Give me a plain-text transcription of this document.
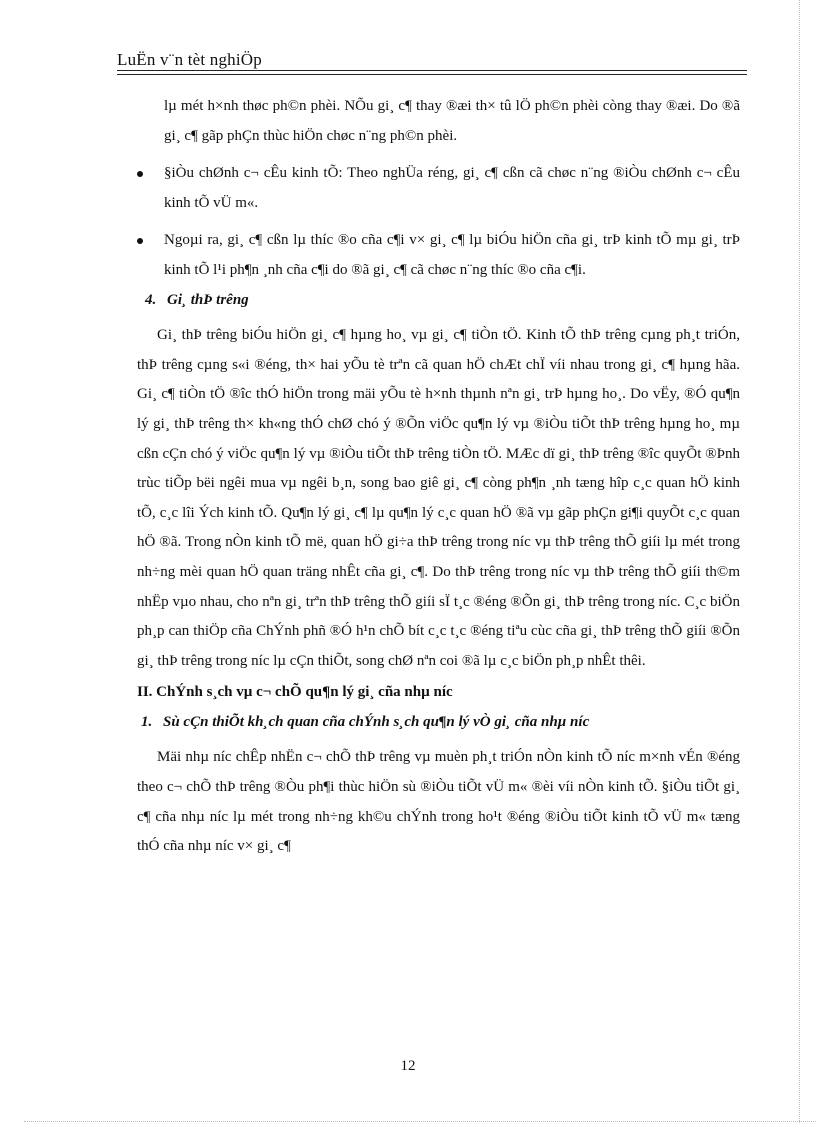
LuËn v¨n tèt nghiÖp

lµ mét h×nh thøc ph©n phèi. NÕu gi¸ c¶ thay ®æi th× tû lÖ ph©n phèi còng thay ®æi. Do ®ã gi¸ c¶ gãp phÇn thùc hiÖn chøc n¨ng ph©n phèi.

§iÒu chØnh c¬ cÊu kinh tÕ: Theo nghÜa réng, gi¸ c¶ cßn cã chøc n¨ng ®iÒu chØnh c¬ cÊu kinh tÕ vÜ m«.
Ngoµi ra, gi¸ c¶ cßn lµ thíc ®o cña c¶i v× gi¸ c¶ lµ biÓu hiÖn cña gi¸ trÞ kinh tÕ mµ gi¸ trÞ kinh tÕ l¹i ph¶n ¸nh cña c¶i do ®ã gi¸ c¶ cã chøc n¨ng thíc ®o cña c¶i.

4. Gi¸ thÞ trêng

Gi¸ thÞ trêng biÓu hiÖn gi¸ c¶ hµng ho¸ vµ gi¸ c¶ tiÒn tÖ. Kinh tÕ thÞ trêng cµng ph¸t triÓn, thÞ trêng cµng s«i ®éng, th× hai yÕu tè trªn cã quan hÖ chÆt chÏ víi nhau trong gi¸ c¶ hµng hãa. Gi¸ c¶ tiÒn tÖ ®îc thÓ hiÖn trong mäi yÕu tè h×nh thµnh nªn gi¸ trÞ hµng ho¸. Do vËy, ®Ó qu¶n lý gi¸ thÞ trêng th× kh«ng thÓ chØ chó ý ®Õn viÖc qu¶n lý vµ ®iÒu tiÕt thÞ trêng hµng ho¸ mµ cßn cÇn chó ý viÖc qu¶n lý vµ ®iÒu tiÕt thÞ trêng tiÒn tÖ. MÆc dï gi¸ thÞ trêng ®îc quyÕt ®Þnh trùc tiÕp bëi ngêi mua vµ ngêi b¸n, song bao giê gi¸ c¶ còng ph¶n ¸nh tæng hîp c¸c quan hÖ kinh tÕ, c¸c lîi Ých kinh tÕ. Qu¶n lý gi¸ c¶ lµ qu¶n lý c¸c quan hÖ ®ã vµ gãp phÇn gi¶i quyÕt c¸c quan hÖ ®ã. Trong nÒn kinh tÕ më, quan hÖ gi÷a thÞ trêng trong níc vµ thÞ trêng thÕ giíi lµ mét trong nh÷ng mèi quan hÖ quan träng nhÊt cña gi¸ c¶. Do thÞ trêng trong níc vµ thÞ trêng thÕ giíi th©m nhËp vµo nhau, cho nªn gi¸ trªn thÞ trêng thÕ giíi sÏ t¸c ®éng ®Õn gi¸ thÞ trêng trong níc. C¸c biÖn ph¸p can thiÖp cña ChÝnh phñ ®Ó h¹n chÕ bít c¸c t¸c ®éng tiªu cùc cña gi¸ thÞ trêng thÕ giíi ®Õn gi¸ thÞ trêng trong níc lµ cÇn thiÕt, song chØ nªn coi ®ã lµ c¸c biÖn ph¸p nhÊt thêi.

II. ChÝnh s¸ch vµ c¬ chÕ qu¶n lý gi¸ cña nhµ níc

1. Sù cÇn thiÕt kh¸ch quan cña chÝnh s¸ch qu¶n lý vÒ gi¸ cña nhµ níc

Mäi nhµ níc chÊp nhËn c¬ chÕ thÞ trêng vµ muèn ph¸t triÓn nÒn kinh tÕ níc m×nh vÉn ®éng theo c¬ chÕ thÞ trêng ®Òu ph¶i thùc hiÖn sù ®iÒu tiÕt vÜ m« ®èi víi nÒn kinh tÕ. §iÒu tiÕt gi¸ c¶ cña nhµ níc lµ mét trong nh÷ng kh©u chÝnh trong ho¹t ®éng ®iÒu tiÕt kinh tÕ vÜ m« tæng thÓ cña nhµ níc v× gi¸ c¶

12
